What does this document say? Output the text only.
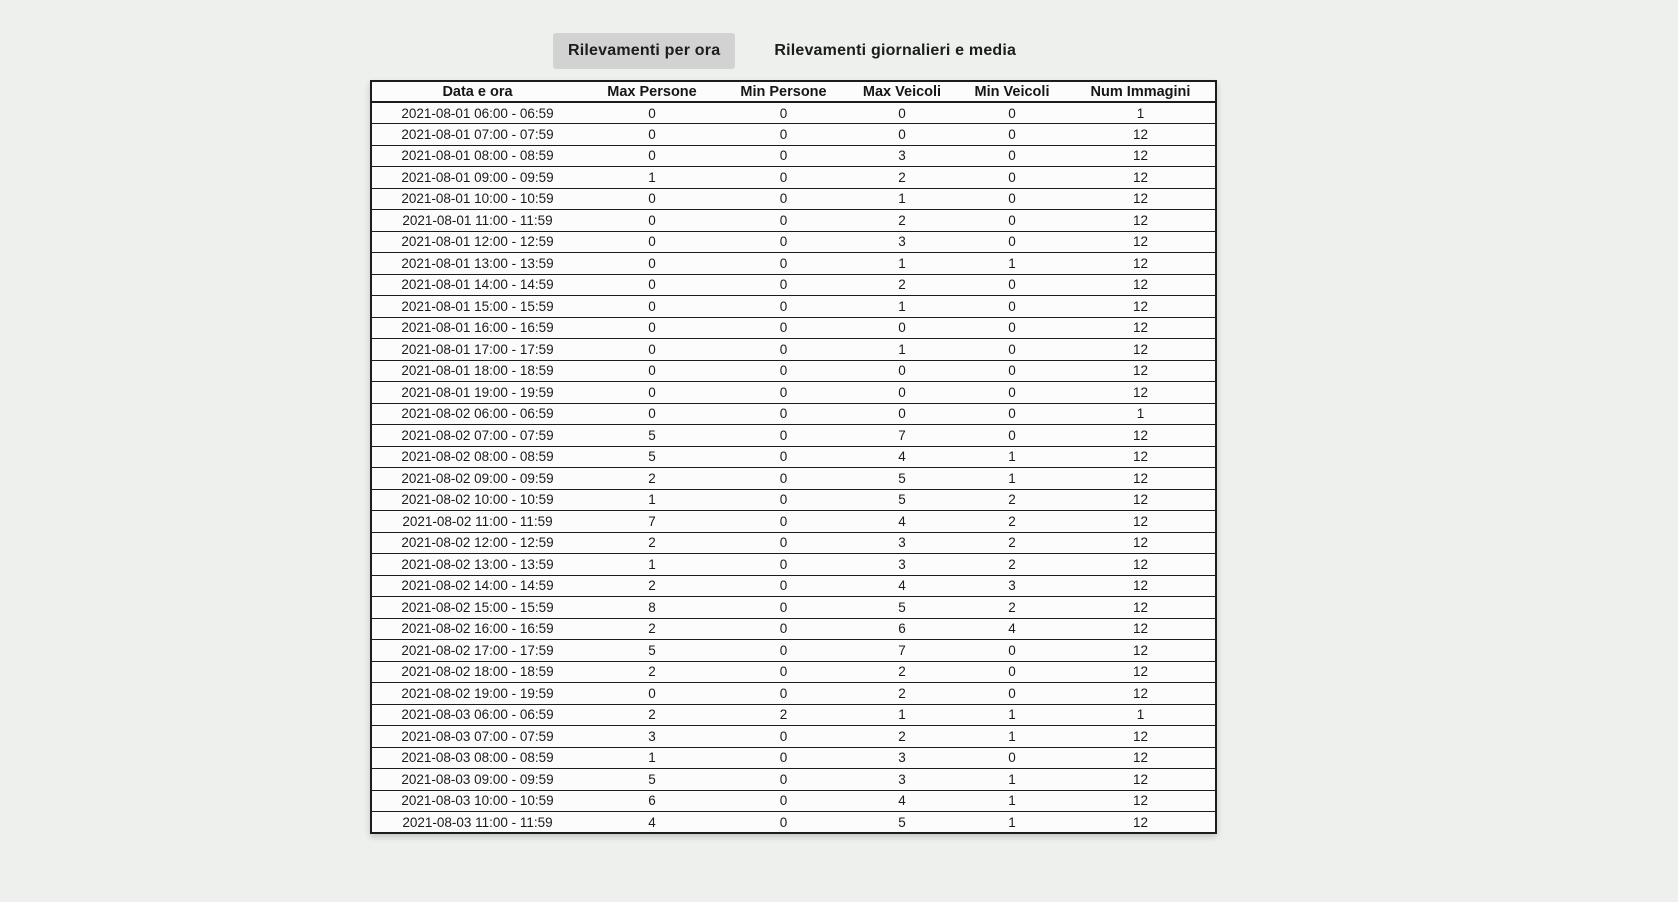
Rilevamenti per ora	Rilevamenti giornalieri e media
Data e ora	Max Persone	Min Persone	Max Veicoli	Min Veicoli	Num Immagini
2021-08-01 06:00 - 06:59	0	0	0	0	1
2021-08-01 07:00 - 07:59	0	0	0	0	12
2021-08-01 08:00 - 08:59	0	0	3	0	12
2021-08-01 09:00 - 09:59	1	0	2	0	12
2021-08-01 10:00 - 10:59	0	0	1	0	12
2021-08-01 11:00 - 11:59	0	0	2	0	12
2021-08-01 12:00 - 12:59	0	0	3	0	12
2021-08-01 13:00 - 13:59	0	0	1	1	12
2021-08-01 14:00 - 14:59	0	0	2	0	12
2021-08-01 15:00 - 15:59	0	0	1	0	12
2021-08-01 16:00 - 16:59	0	0	0	0	12
2021-08-01 17:00 - 17:59	0	0	1	0	12
2021-08-01 18:00 - 18:59	0	0	0	0	12
2021-08-01 19:00 - 19:59	0	0	0	0	12
2021-08-02 06:00 - 06:59	0	0	0	0	1
2021-08-02 07:00 - 07:59	5	0	7	0	12
2021-08-02 08:00 - 08:59	5	0	4	1	12
2021-08-02 09:00 - 09:59	2	0	5	1	12
2021-08-02 10:00 - 10:59	1	0	5	2	12
2021-08-02 11:00 - 11:59	7	0	4	2	12
2021-08-02 12:00 - 12:59	2	0	3	2	12
2021-08-02 13:00 - 13:59	1	0	3	2	12
2021-08-02 14:00 - 14:59	2	0	4	3	12
2021-08-02 15:00 - 15:59	8	0	5	2	12
2021-08-02 16:00 - 16:59	2	0	6	4	12
2021-08-02 17:00 - 17:59	5	0	7	0	12
2021-08-02 18:00 - 18:59	2	0	2	0	12
2021-08-02 19:00 - 19:59	0	0	2	0	12
2021-08-03 06:00 - 06:59	2	2	1	1	1
2021-08-03 07:00 - 07:59	3	0	2	1	12
2021-08-03 08:00 - 08:59	1	0	3	0	12
2021-08-03 09:00 - 09:59	5	0	3	1	12
2021-08-03 10:00 - 10:59	6	0	4	1	12
2021-08-03 11:00 - 11:59	4	0	5	1	12
